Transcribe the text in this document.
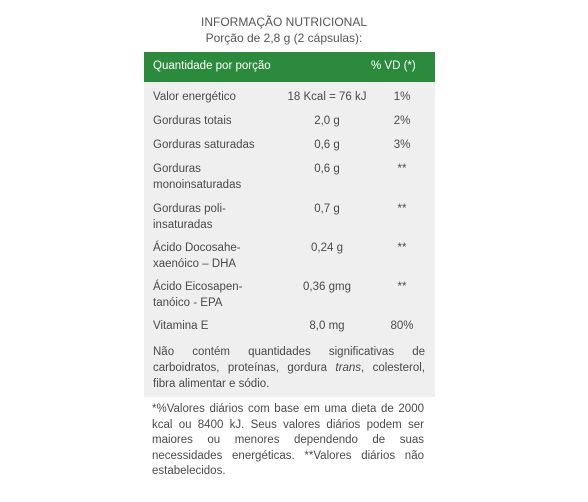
INFORMAÇÃO NUTRICIONAL
Porção de 2,8 g (2 cápsulas):
Quantidade por porção	% VD (*)
Valor energético	18 Kcal = 76 kJ	1%
Gorduras totais	2,0 g	2%
Gorduras saturadas	0,6 g	3%
Gorduras
monoinsaturadas
0,6 g	**
Gorduras poli-
insaturadas
0,7 g	**
Ácido Docosahe-
xaenóico – DHA
0,24 g	**
Ácido Eicosapen-
tanóico - EPA
0,36 gmg	**
Vitamina E	8,0 mg	80%
Não contém quantidades significativas de carboidratos, proteínas, gordura trans, colesterol, fibra alimentar e sódio.
*%Valores diários com base em uma dieta de 2000 kcal ou 8400 kJ. Seus valores diários podem ser maiores ou menores dependendo de suas necessidades energéticas. **Valores diários não estabelecidos.
